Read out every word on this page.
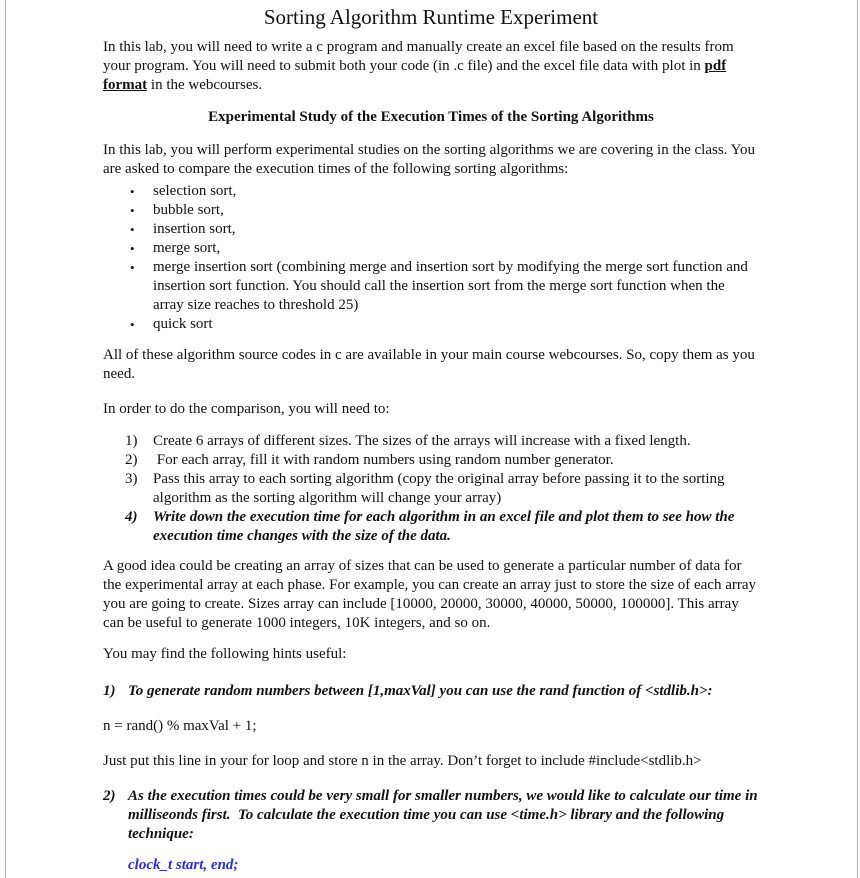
Sorting Algorithm Runtime Experiment

In this lab, you will need to write a c program and manually create an excel file based on the results from your program. You will need to submit both your code (in .c file) and the excel file data with plot in pdf format in the webcourses.

Experimental Study of the Execution Times of the Sorting Algorithms

In this lab, you will perform experimental studies on the sorting algorithms we are covering in the class. You are asked to compare the execution times of the following sorting algorithms:

•	selection sort,
•	bubble sort,
•	insertion sort,
•	merge sort,
•	merge insertion sort (combining merge and insertion sort by modifying the merge sort function and insertion sort function. You should call the insertion sort from the merge sort function when the array size reaches to threshold 25)
•	quick sort

All of these algorithm source codes in c are available in your main course webcourses. So, copy them as you need.

In order to do the comparison, you will need to:

1)	Create 6 arrays of different sizes. The sizes of the arrays will increase with a fixed length.
2)	For each array, fill it with random numbers using random number generator.
3)	Pass this array to each sorting algorithm (copy the original array before passing it to the sorting algorithm as the sorting algorithm will change your array)
4)	Write down the execution time for each algorithm in an excel file and plot them to see how the execution time changes with the size of the data.

A good idea could be creating an array of sizes that can be used to generate a particular number of data for the experimental array at each phase. For example, you can create an array just to store the size of each array you are going to create. Sizes array can include [10000, 20000, 30000, 40000, 50000, 100000]. This array can be useful to generate 1000 integers, 10K integers, and so on.

You may find the following hints useful:

1) To generate random numbers between [1,maxVal] you can use the rand function of <stdlib.h>:

n = rand() % maxVal + 1;

Just put this line in your for loop and store n in the array. Don’t forget to include #include<stdlib.h>

2) As the execution times could be very small for smaller numbers, we would like to calculate our time in milliseonds first.  To calculate the execution time you can use <time.h> library and the following technique:

clock_t start, end;
